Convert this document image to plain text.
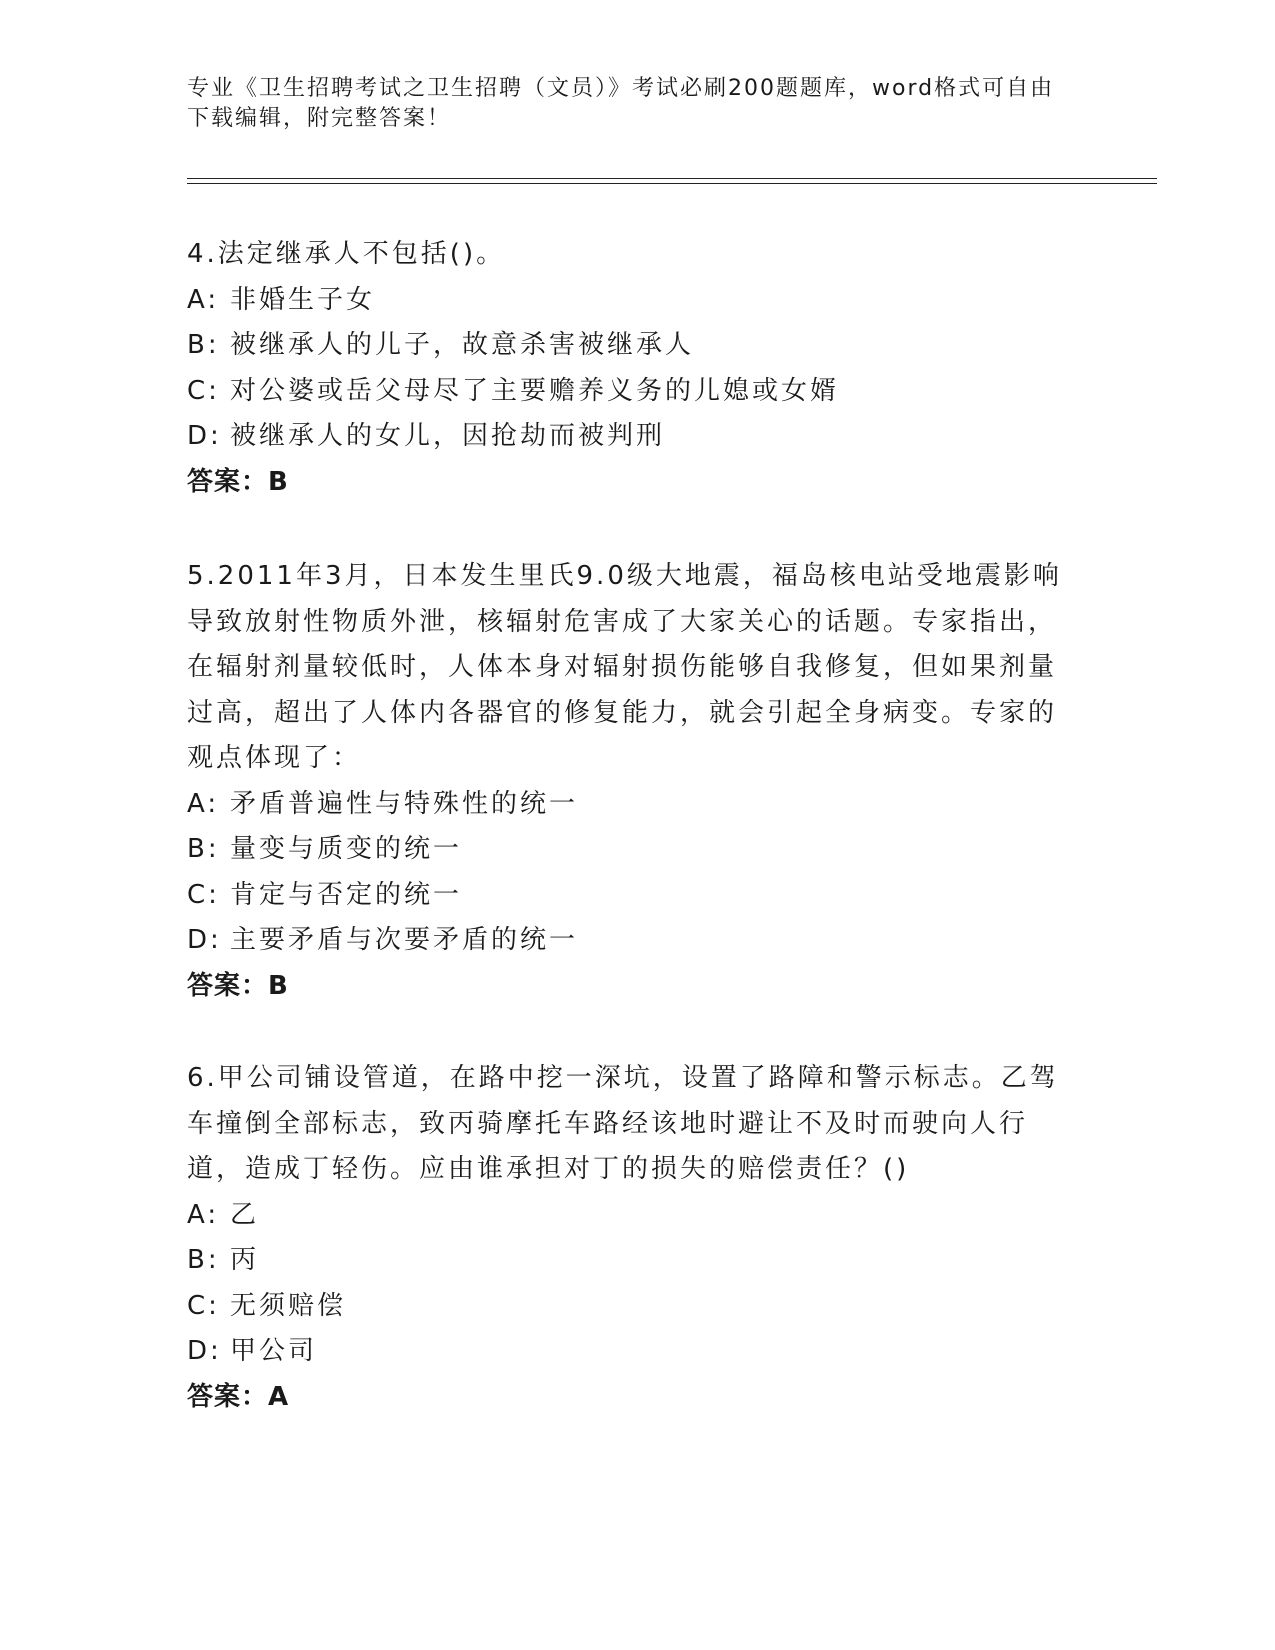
专业《卫生招聘考试之卫生招聘（文员）》考试必刷200题题库，word格式可自由下载编辑，附完整答案！

4.法定继承人不包括()。

A: 非婚生子女

B: 被继承人的儿子，故意杀害被继承人

C: 对公婆或岳父母尽了主要赡养义务的儿媳或女婿

D: 被继承人的女儿，因抢劫而被判刑

答案：B

5.2011年3月，日本发生里氏9.0级大地震，福岛核电站受地震影响导致放射性物质外泄，核辐射危害成了大家关心的话题。专家指出，在辐射剂量较低时，人体本身对辐射损伤能够自我修复，但如果剂量过高，超出了人体内各器官的修复能力，就会引起全身病变。专家的观点体现了：

A: 矛盾普遍性与特殊性的统一

B: 量变与质变的统一

C: 肯定与否定的统一

D: 主要矛盾与次要矛盾的统一

答案：B

6.甲公司铺设管道，在路中挖一深坑，设置了路障和警示标志。乙驾车撞倒全部标志，致丙骑摩托车路经该地时避让不及时而驶向人行道，造成丁轻伤。应由谁承担对丁的损失的赔偿责任？()

A: 乙

B: 丙

C: 无须赔偿

D: 甲公司

答案：A
